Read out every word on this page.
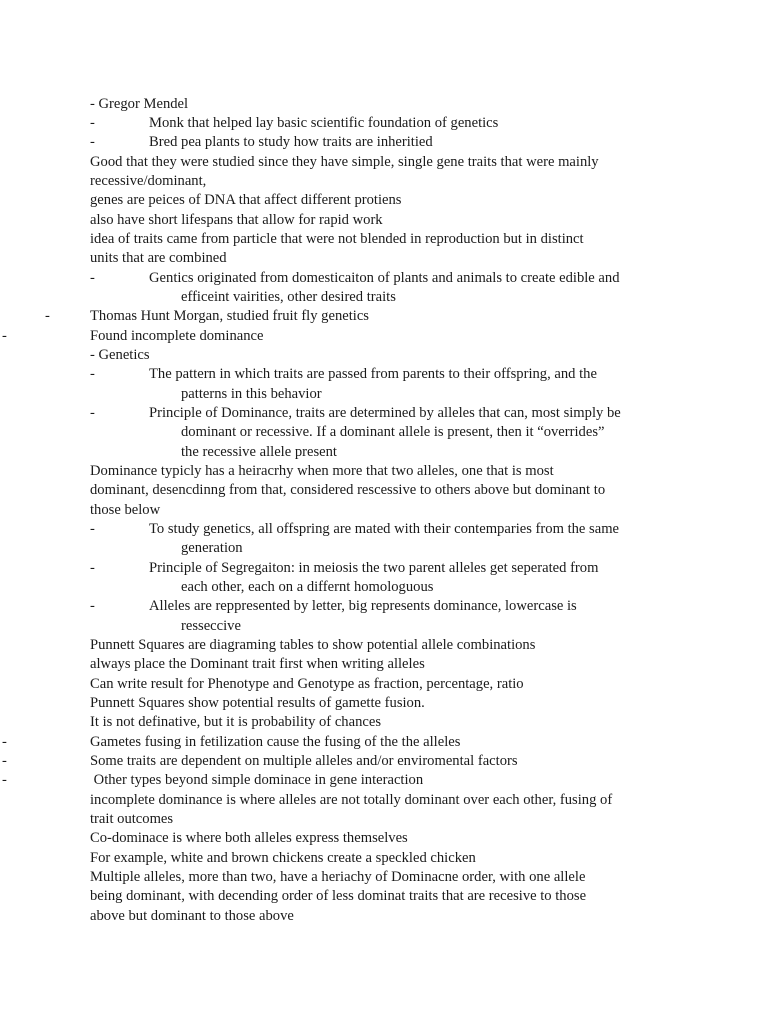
- Gregor Mendel
-	Monk that helped lay basic scientific foundation of genetics
-	Bred pea plants to study how traits are inheritied
Good that they were studied since they have simple, single gene traits that were mainly
recessive/dominant,
genes are peices of DNA that affect different protiens
also have short lifespans that allow for rapid work
idea of traits came from particle that were not blended in reproduction but in distinct
units that are combined
-	Gentics originated from domesticaiton of plants and animals to create edible and
efficeint vairities, other desired traits
-	Thomas Hunt Morgan, studied fruit fly genetics
-	Found incomplete dominance
- Genetics
-	The pattern in which traits are passed from parents to their offspring, and the
patterns in this behavior
-	Principle of Dominance, traits are determined by alleles that can, most simply be
dominant or recessive. If a dominant allele is present, then it “overrides”
the recessive allele present
Dominance typicly has a heiracrhy when more that two alleles, one that is most
dominant, desencdinng from that, considered rescessive to others above but dominant to
those below
-	To study genetics, all offspring are mated with their contemparies from the same
generation
-	Principle of Segregaiton: in meiosis the two parent alleles get seperated from
each other, each on a differnt homologuous
-	Alleles are reppresented by letter, big represents dominance, lowercase is
resseccive
Punnett Squares are diagraming tables to show potential allele combinations
always place the Dominant trait first when writing alleles
Can write result for Phenotype and Genotype as fraction, percentage, ratio
Punnett Squares show potential results of gamette fusion.
It is not definative, but it is probability of chances
-	Gametes fusing in fetilization cause the fusing of the the alleles
-	Some traits are dependent on multiple alleles and/or enviromental factors
-	Other types beyond simple dominace in gene interaction
incomplete dominance is where alleles are not totally dominant over each other, fusing of
trait outcomes
Co-dominace is where both alleles express themselves
For example, white and brown chickens create a speckled chicken
Multiple alleles, more than two, have a heriachy of Dominacne order, with one allele
being dominant, with decending order of less dominat traits that are recesive to those
above but dominant to those above
